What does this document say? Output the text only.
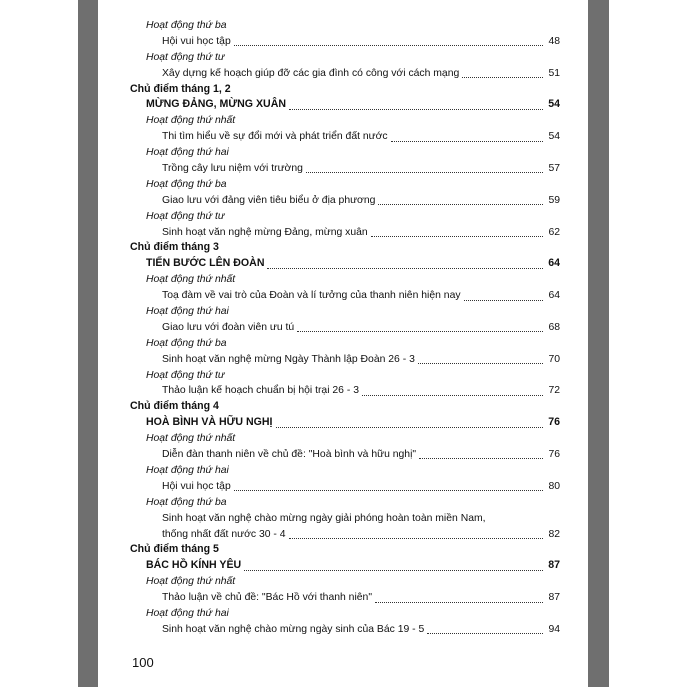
Hoạt động thứ ba
Hội vui học tập	48
Hoạt động thứ tư
Xây dựng kế hoạch giúp đỡ các gia đình có công với cách mạng	51
Chủ điểm tháng 1, 2
MỪNG ĐẢNG, MỪNG XUÂN	54
Hoạt động thứ nhất
Thi tìm hiểu về sự đổi mới và phát triển đất nước	54
Hoạt động thứ hai
Trồng cây lưu niệm với trường	57
Hoạt động thứ ba
Giao lưu với đảng viên tiêu biểu ở địa phương	59
Hoạt động thứ tư
Sinh hoạt văn nghệ mừng Đảng, mừng xuân	62
Chủ điểm tháng 3
TIẾN BƯỚC LÊN ĐOÀN	64
Hoạt động thứ nhất
Toạ đàm về vai trò của Đoàn và lí tưởng của thanh niên hiện nay	64
Hoạt động thứ hai
Giao lưu với đoàn viên ưu tú	68
Hoạt động thứ ba
Sinh hoạt văn nghệ mừng Ngày Thành lập Đoàn 26 - 3	70
Hoạt động thứ tư
Thảo luận kế hoạch chuẩn bị hội trại 26 - 3	72
Chủ điểm tháng 4
HOÀ BÌNH VÀ HỮU NGHỊ	76
Hoạt động thứ nhất
Diễn đàn thanh niên về chủ đề: "Hoà bình và hữu nghị"	76
Hoạt động thứ hai
Hội vui học tập	80
Hoạt động thứ ba
Sinh hoạt văn nghệ chào mừng ngày giải phóng hoàn toàn miền Nam,
thống nhất đất nước 30 - 4	82
Chủ điểm tháng 5
BÁC HỒ KÍNH YÊU	87
Hoạt động thứ nhất
Thảo luận về chủ đề: "Bác Hồ với thanh niên"	87
Hoạt động thứ hai
Sinh hoạt văn nghệ chào mừng ngày sinh của Bác 19 - 5	94
100
